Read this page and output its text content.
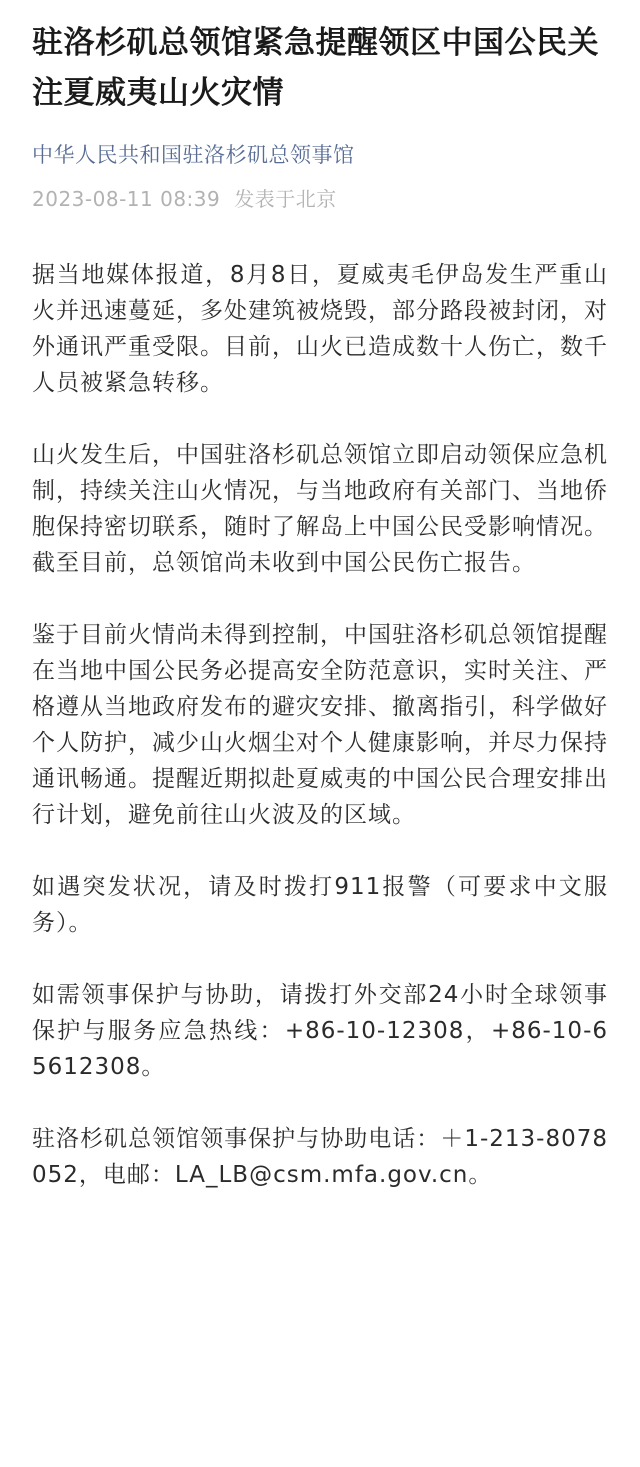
驻洛杉矶总领馆紧急提醒领区中国公民关注夏威夷山火灾情
中华人民共和国驻洛杉矶总领事馆
2023-08-11 08:39 发表于北京

据当地媒体报道，8月8日，夏威夷毛伊岛发生严重山火并迅速蔓延，多处建筑被烧毁，部分路段被封闭，对外通讯严重受限。目前，山火已造成数十人伤亡，数千人员被紧急转移。

山火发生后，中国驻洛杉矶总领馆立即启动领保应急机制，持续关注山火情况，与当地政府有关部门、当地侨胞保持密切联系，随时了解岛上中国公民受影响情况。截至目前，总领馆尚未收到中国公民伤亡报告。

鉴于目前火情尚未得到控制，中国驻洛杉矶总领馆提醒在当地中国公民务必提高安全防范意识，实时关注、严格遵从当地政府发布的避灾安排、撤离指引，科学做好个人防护，减少山火烟尘对个人健康影响，并尽力保持通讯畅通。提醒近期拟赴夏威夷的中国公民合理安排出行计划，避免前往山火波及的区域。

如遇突发状况，请及时拨打911报警（可要求中文服务）。

如需领事保护与协助，请拨打外交部24小时全球领事保护与服务应急热线：+86-10-12308，+86-10-65612308。

驻洛杉矶总领馆领事保护与协助电话：＋1-213-8078052，电邮：LA_LB@csm.mfa.gov.cn。
